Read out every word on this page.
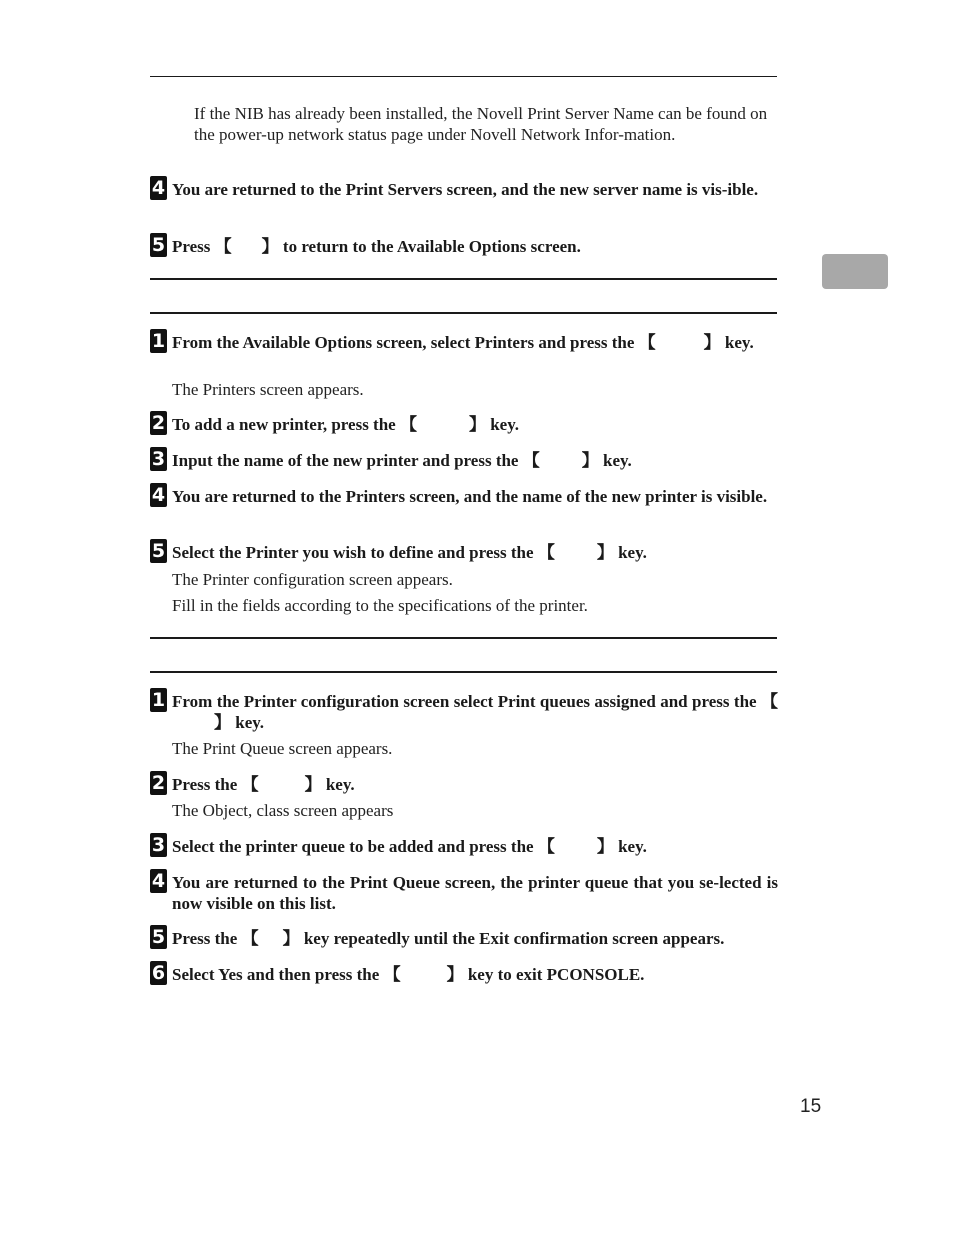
If the NIB has already been installed, the Novell Print Server Name can be found on the power-up network status page under Novell Network Infor-mation.
4 You are returned to the Print Servers screen, and the new server name is vis-ible.
5 Press 【 】 to return to the Available Options screen.
1 From the Available Options screen, select Printers and press the 【	】 key.
The Printers screen appears.
2 To add a new printer, press the 【	】 key.
3 Input the name of the new printer and press the 【 】 key.
4 You are returned to the Printers screen, and the name of the new printer is visible.
5 Select the Printer you wish to define and press the 【 】 key.
The Printer configuration screen appears.
Fill in the fields according to the specifications of the printer.
1 From the Printer configuration screen select Print queues assigned and press the 【】 key.
The Print Queue screen appears.
2 Press the 【	】 key.
The Object, class screen appears
3 Select the printer queue to be added and press the 【 】 key.
4 You are returned to the Print Queue screen, the printer queue that you se-lected is now visible on this list.
5 Press the 【 】 key repeatedly until the Exit confirmation screen appears.
6 Select Yes and then press the 【	】 key to exit PCONSOLE.
15
